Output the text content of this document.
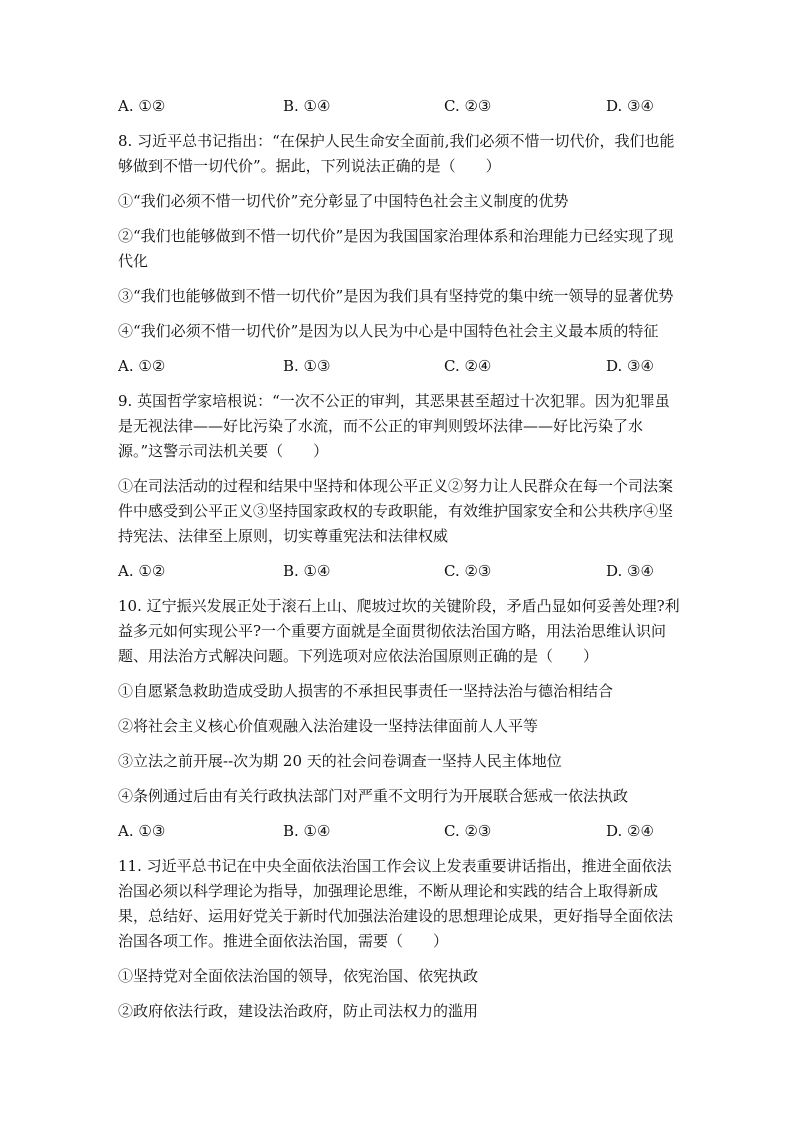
A. ①②	B. ①④	C. ②③	D. ③④

8. 习近平总书记指出：“在保护人民生命安全面前,我们必须不惜一切代价，我们也能够做到不惜一切代价”。据此，下列说法正确的是（　　）

①“我们必须不惜一切代价”充分彰显了中国特色社会主义制度的优势

②“我们也能够做到不惜一切代价”是因为我国国家治理体系和治理能力已经实现了现代化

③“我们也能够做到不惜一切代价”是因为我们具有坚持党的集中统一领导的显著优势

④“我们必须不惜一切代价”是因为以人民为中心是中国特色社会主义最本质的特征

A. ①②	B. ①③	C. ②④	D. ③④

9. 英国哲学家培根说：“一次不公正的审判，其恶果甚至超过十次犯罪。因为犯罪虽是无视法律——好比污染了水流，而不公正的审判则毁坏法律——好比污染了水源。”这警示司法机关要（　　）

①在司法活动的过程和结果中坚持和体现公平正义②努力让人民群众在每一个司法案件中感受到公平正义③坚持国家政权的专政职能，有效维护国家安全和公共秩序④坚持宪法、法律至上原则，切实尊重宪法和法律权威

A. ①②	B. ①④	C. ②③	D. ③④

10. 辽宁振兴发展正处于滚石上山、爬坡过坎的关键阶段，矛盾凸显如何妥善处理?利益多元如何实现公平?一个重要方面就是全面贯彻依法治国方略，用法治思维认识问题、用法治方式解决问题。下列选项对应依法治国原则正确的是（　　）

①自愿紧急救助造成受助人损害的不承担民事责任一坚持法治与德治相结合

②将社会主义核心价值观融入法治建设一坚持法律面前人人平等

③立法之前开展--次为期 20 天的社会问卷调查一坚持人民主体地位

④条例通过后由有关行政执法部门对严重不文明行为开展联合惩戒一依法执政

A. ①③	B. ①④	C. ②③	D. ②④

11. 习近平总书记在中央全面依法治国工作会议上发表重要讲话指出，推进全面依法治国必须以科学理论为指导，加强理论思维，不断从理论和实践的结合上取得新成果，总结好、运用好党关于新时代加强法治建设的思想理论成果，更好指导全面依法治国各项工作。推进全面依法治国，需要（　　）

①坚持党对全面依法治国的领导，依宪治国、依宪执政

②政府依法行政，建设法治政府，防止司法权力的滥用
